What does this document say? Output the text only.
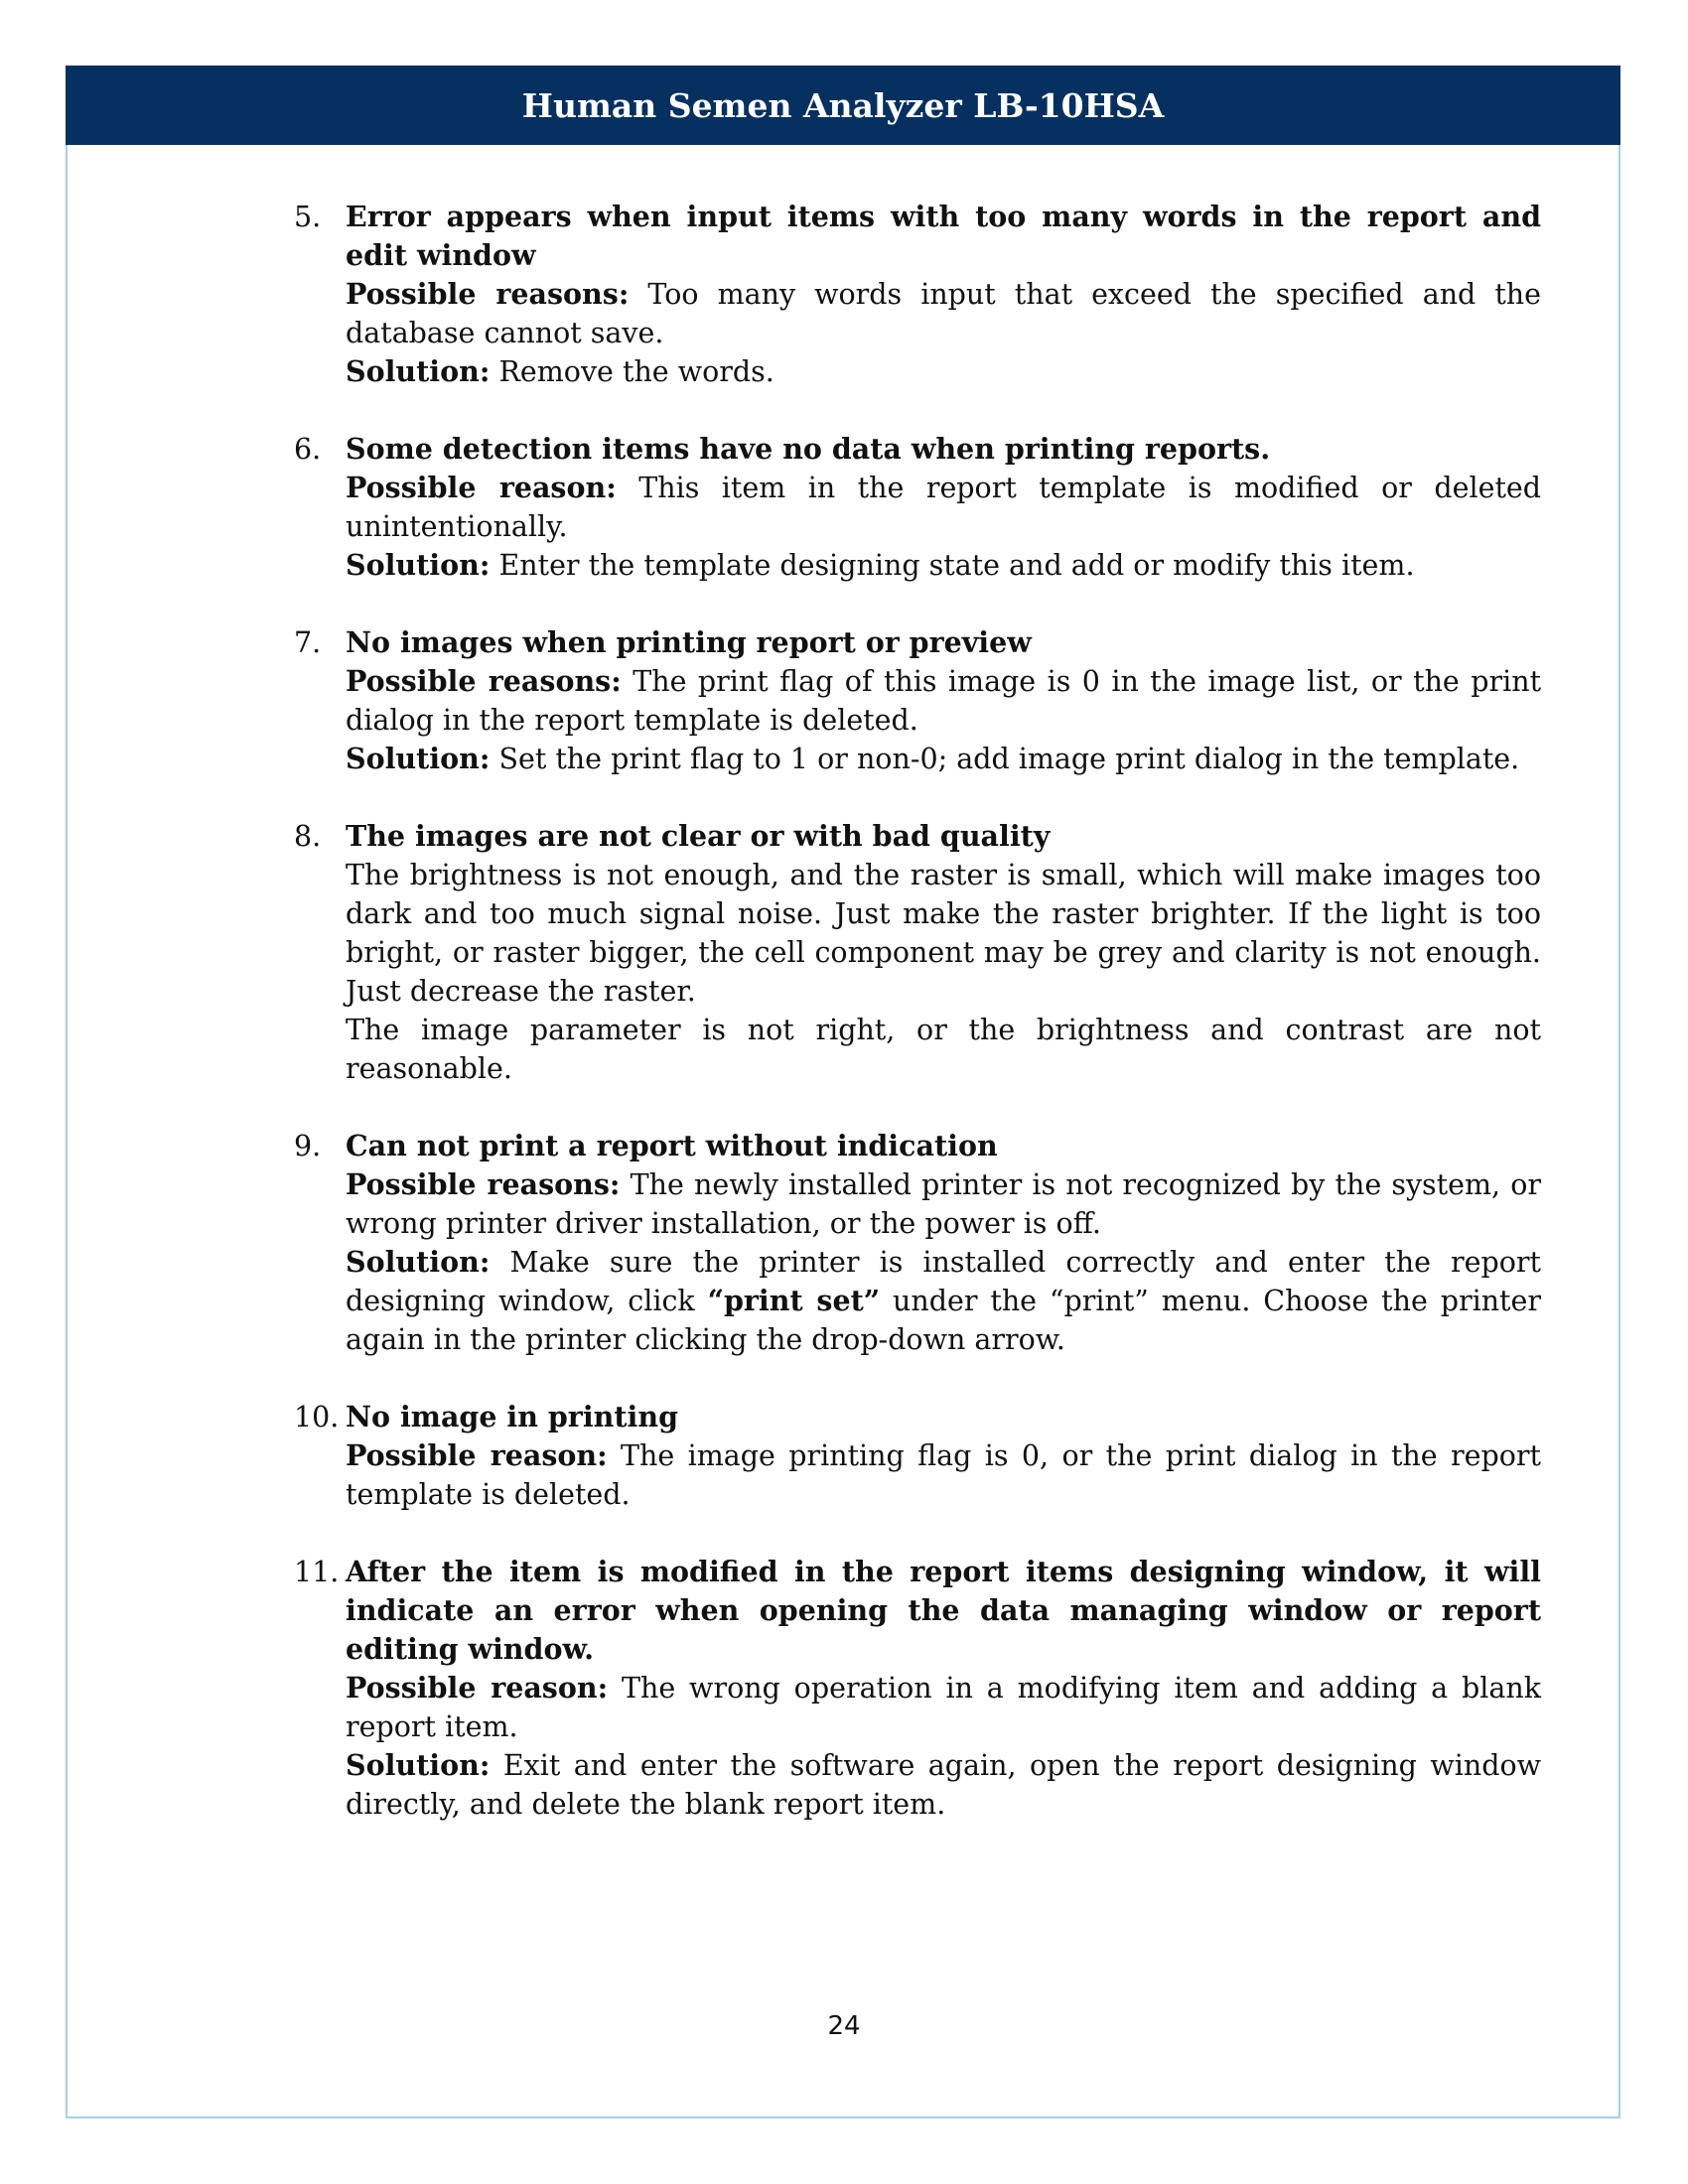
Human Semen Analyzer LB-10HSA
5. Error appears when input items with too many words in the report and edit window

Possible reasons: Too many words input that exceed the specified and the database cannot save.

Solution: Remove the words.

6. Some detection items have no data when printing reports.

Possible reason: This item in the report template is modified or deleted unintentionally.

Solution: Enter the template designing state and add or modify this item.

7. No images when printing report or preview

Possible reasons: The print flag of this image is 0 in the image list, or the print dialog in the report template is deleted.

Solution: Set the print flag to 1 or non-0; add image print dialog in the template.

8. The images are not clear or with bad quality

The brightness is not enough, and the raster is small, which will make images too dark and too much signal noise. Just make the raster brighter. If the light is too bright, or raster bigger, the cell component may be grey and clarity is not enough. Just decrease the raster.

The image parameter is not right, or the brightness and contrast are not reasonable.

9. Can not print a report without indication

Possible reasons: The newly installed printer is not recognized by the system, or wrong printer driver installation, or the power is off.

Solution: Make sure the printer is installed correctly and enter the report designing window, click “print set” under the “print” menu. Choose the printer again in the printer clicking the drop-down arrow.

10. No image in printing

Possible reason: The image printing flag is 0, or the print dialog in the report template is deleted.

11. After the item is modified in the report items designing window, it will indicate an error when opening the data managing window or report editing window.

Possible reason: The wrong operation in a modifying item and adding a blank report item.

Solution: Exit and enter the software again, open the report designing window directly, and delete the blank report item.

24
